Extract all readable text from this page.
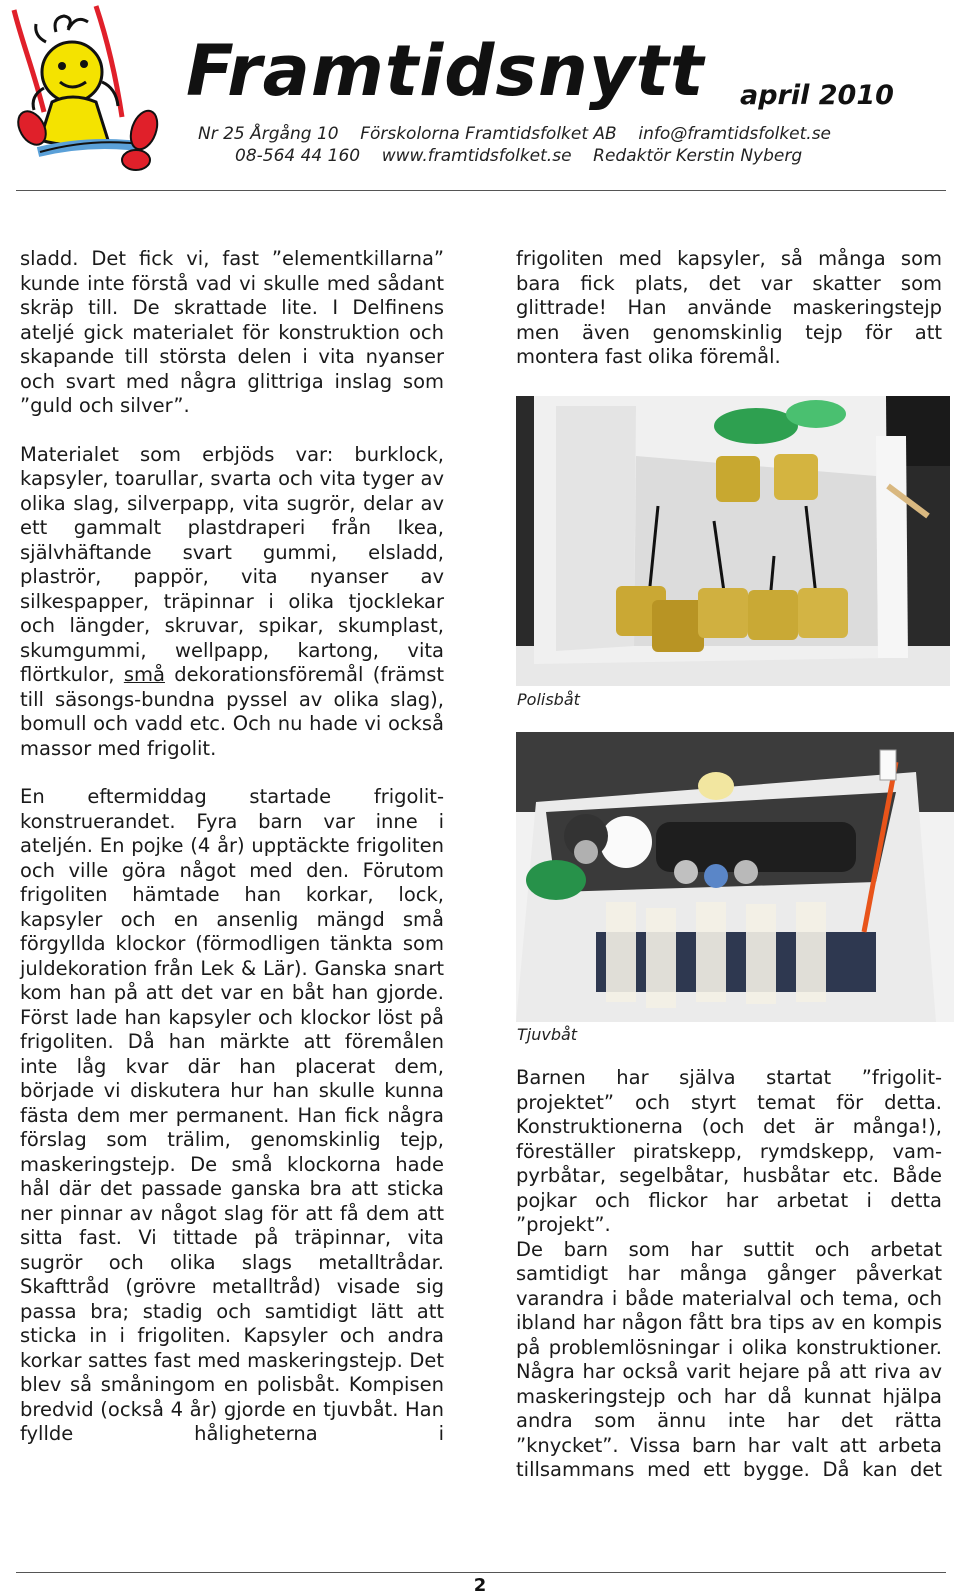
Framtidsnytt april 2010
Nr 25 Årgång 10    Förskolorna Framtidsfolket AB    info@framtidsfolket.se
08-564 44 160    www.framtidsfolket.se    Redaktör Kerstin Nyberg

sladd. Det fick vi, fast ”elementkillarna” kunde inte förstå vad vi skulle med sådant skräp till. De skrattade lite. I Delfinens ateljé gick materialet för konstruktion och skapande till största delen i vita nyanser och svart med några glittriga inslag som ”guld och silver”.

Materialet som erbjöds var: burklock, kapsyler, toarullar, svarta och vita tyger av olika slag, silverpapp, vita sugrör, delar av ett gammalt plastdraperi från Ikea, självhäftande svart gummi, elsladd, plaströr, pappör, vita nyanser av silkespapper, träpinnar i olika tjocklekar och längder, skruvar, spikar, skumplast, skumgummi, wellpapp, kartong, vita flörtkulor, små dekorationsföremål (främst till säsongs-bundna pyssel av olika slag), bomull och vadd etc. Och nu hade vi också massor med frigolit.

En eftermiddag startade frigolit-konstruerandet. Fyra barn var inne i ateljén. En pojke (4 år) upptäckte frigoliten och ville göra något med den. Förutom frigoliten hämtade han korkar, lock, kapsyler och en ansenlig mängd små förgyllda klockor (förmodligen tänkta som juldekoration från Lek & Lär). Ganska snart kom han på att det var en båt han gjorde. Först lade han kapsyler och klockor löst på frigoliten. Då han märkte att föremålen inte låg kvar där han placerat dem, började vi diskutera hur han skulle kunna fästa dem mer permanent. Han fick några förslag som trälim, genomskinlig tejp, maskeringstejp. De små klockorna hade hål där det passade ganska bra att sticka ner pinnar av något slag för att få dem att sitta fast. Vi tittade på träpinnar, vita sugrör och olika slags metalltrådar. Skafttråd (grövre metalltråd) visade sig passa bra; stadig och samtidigt lätt att sticka in i frigoliten. Kapsyler och andra korkar sattes fast med maskeringstejp. Det blev så småningom en polisbåt. Kompisen bredvid (också 4 år) gjorde en tjuvbåt. Han fyllde håligheterna i

frigoliten med kapsyler, så många som bara fick plats, det var skatter som glittrade! Han använde maskeringstejp men även genomskinlig tejp för att montera fast olika föremål.

Polisbåt
Tjuvbåt

Barnen har själva startat ”frigolit-projektet” och styrt temat för detta. Konstruktionerna (och det är många!), föreställer piratskepp, rymdskepp, vam-pyrbåtar, segelbåtar, husbåtar etc. Både pojkar och flickor har arbetat i detta ”projekt”.

De barn som har suttit och arbetat samtidigt har många gånger påverkat varandra i både materialval och tema, och ibland har någon fått bra tips av en kompis på problemlösningar i olika konstruktioner. Några har också varit hejare på att riva av maskeringstejp och har då kunnat hjälpa andra som ännu inte har det rätta ”knycket”. Vissa barn har valt att arbeta tillsammans med ett bygge. Då kan det

2
